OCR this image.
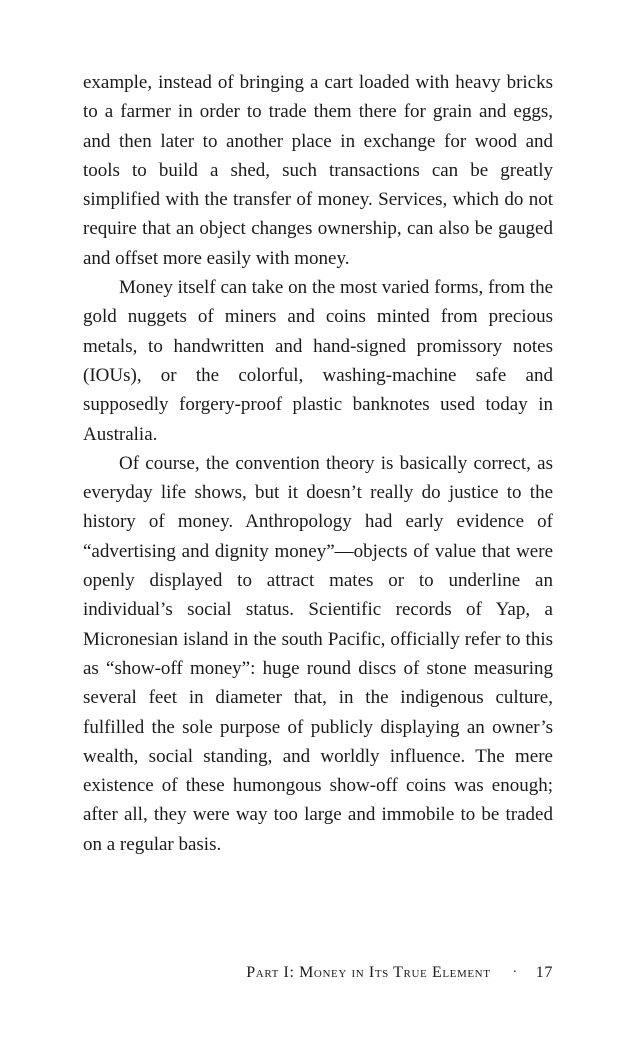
example, instead of bringing a cart loaded with heavy bricks to a farmer in order to trade them there for grain and eggs, and then later to another place in exchange for wood and tools to build a shed, such transactions can be greatly simplified with the transfer of money. Services, which do not require that an object changes ownership, can also be gauged and offset more easily with money.

Money itself can take on the most varied forms, from the gold nuggets of miners and coins minted from precious metals, to handwritten and hand-signed promissory notes (IOUs), or the colorful, washing-machine safe and supposedly forgery-proof plastic banknotes used today in Australia.

Of course, the convention theory is basically correct, as everyday life shows, but it doesn’t really do justice to the history of money. Anthropology had early evidence of “advertising and dignity money”—objects of value that were openly displayed to attract mates or to underline an individual’s social status. Scientific records of Yap, a Micronesian island in the south Pacific, officially refer to this as “show-off money”: huge round discs of stone measuring several feet in diameter that, in the indigenous culture, fulfilled the sole purpose of publicly displaying an owner’s wealth, social standing, and worldly influence. The mere existence of these humongous show-off coins was enough; after all, they were way too large and immobile to be traded on a regular basis.

Part I: Money in Its True Element · 17
